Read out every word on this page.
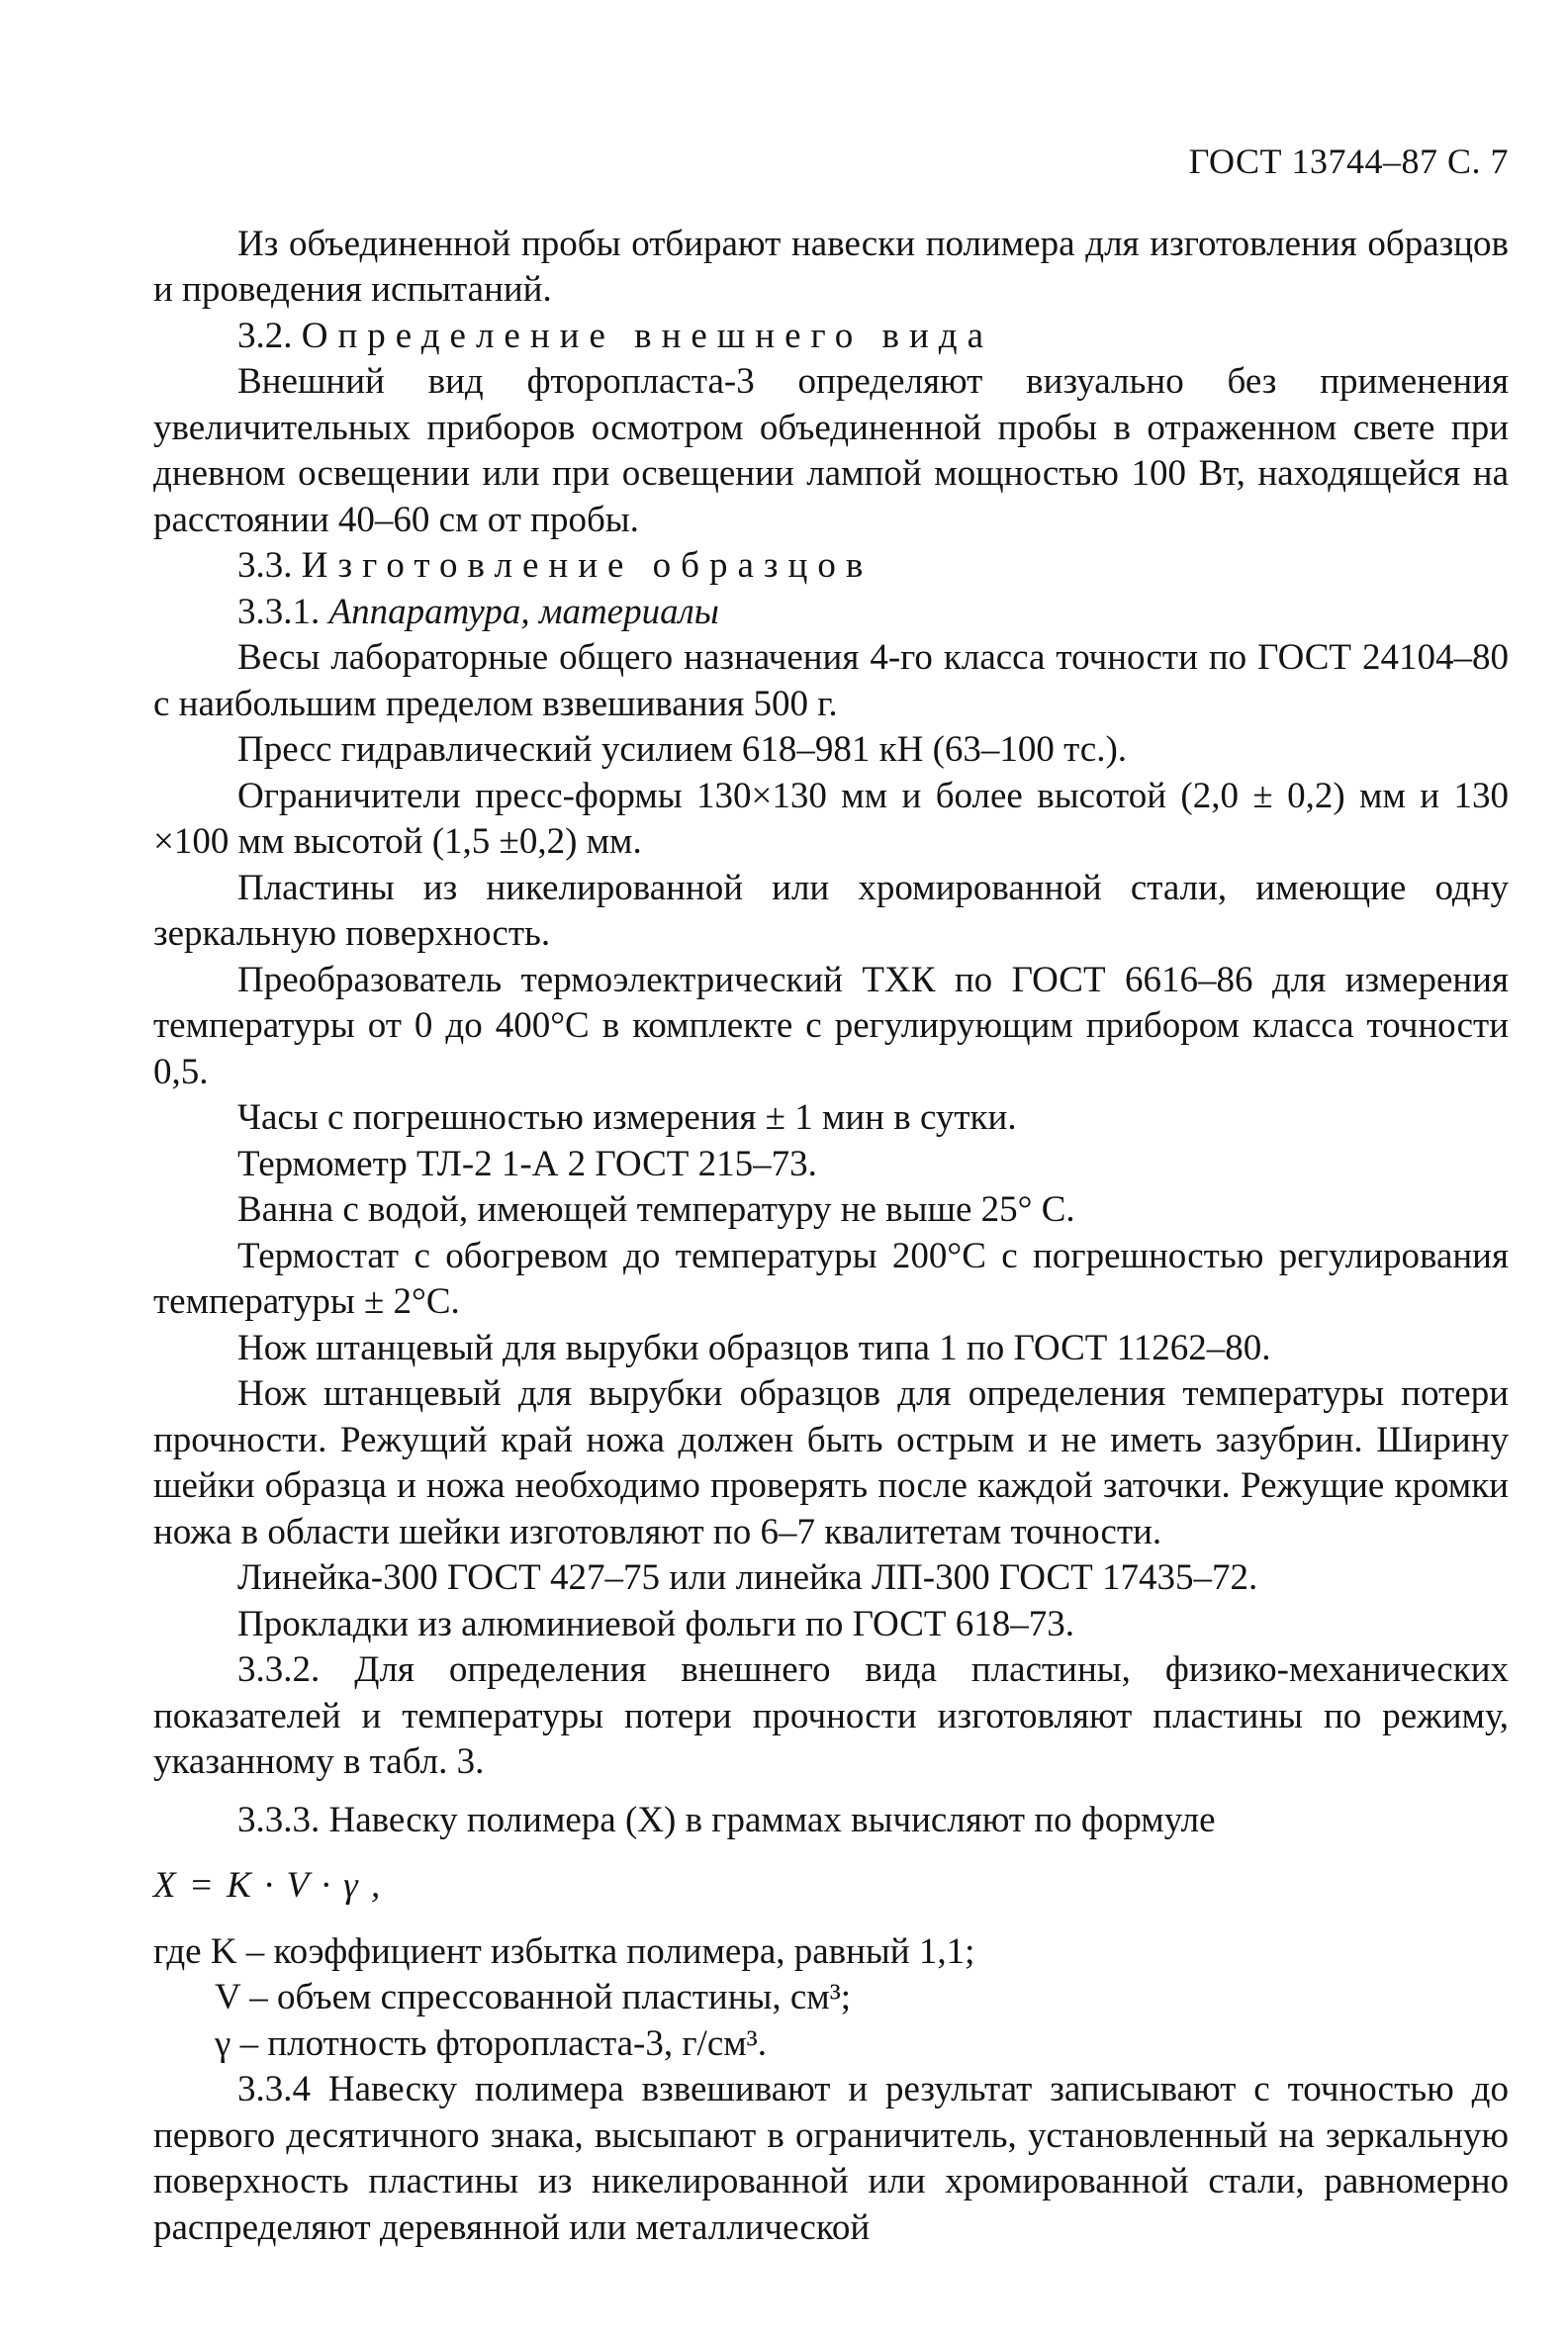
ГОСТ 13744–87 С. 7

Из объединенной пробы отбирают навески полимера для изготовления образцов и проведения испытаний.

3.2. Определение внешнего вида

Внешний вид фторопласта-3 определяют визуально без применения увеличительных приборов осмотром объединенной пробы в отраженном свете при дневном освещении или при освещении лампой мощностью 100 Вт, находящейся на расстоянии 40–60 см от пробы.

3.3. Изготовление образцов

3.3.1. Аппаратура, материалы

Весы лабораторные общего назначения 4-го класса точности по ГОСТ 24104–80 с наибольшим пределом взвешивания 500 г.

Пресс гидравлический усилием 618–981 кН (63–100 тс.).

Ограничители пресс-формы 130×130 мм и более высотой (2,0 ± 0,2) мм и 130 ×100 мм высотой (1,5 ±0,2) мм.

Пластины из никелированной или хромированной стали, имеющие одну зеркальную поверхность.

Преобразователь термоэлектрический ТХК по ГОСТ 6616–86 для измерения температуры от 0 до 400°С в комплекте с регулирующим прибором класса точности 0,5.

Часы с погрешностью измерения ± 1 мин в сутки.

Термометр ТЛ-2 1-А 2 ГОСТ 215–73.

Ванна с водой, имеющей температуру не выше 25° С.

Термостат с обогревом до температуры 200°С с погрешностью регулирования температуры ± 2°С.

Нож штанцевый для вырубки образцов типа 1 по ГОСТ 11262–80.

Нож штанцевый для вырубки образцов для определения температуры потери прочности. Режущий край ножа должен быть острым и не иметь зазубрин. Ширину шейки образца и ножа необходимо проверять после каждой заточки. Режущие кромки ножа в области шейки изготовляют по 6–7 квалитетам точности.

Линейка-300 ГОСТ 427–75 или линейка ЛП-300 ГОСТ 17435–72.

Прокладки из алюминиевой фольги по ГОСТ 618–73.

3.3.2. Для определения внешнего вида пластины, физико-механических показателей и температуры потери прочности изготовляют пластины по режиму, указанному в табл. 3.

3.3.3. Навеску полимера (X) в граммах вычисляют по формуле

X = K · V · γ ,

где K – коэффициент избытка полимера, равный 1,1;

V – объем спрессованной пластины, см³;

γ – плотность фторопласта-3, г/см³.

3.3.4 Навеску полимера взвешивают и результат записывают с точностью до первого десятичного знака, высыпают в ограничитель, установленный на зеркальную поверхность пластины из никелированной или хромированной стали, равномерно распределяют деревянной или металлической
